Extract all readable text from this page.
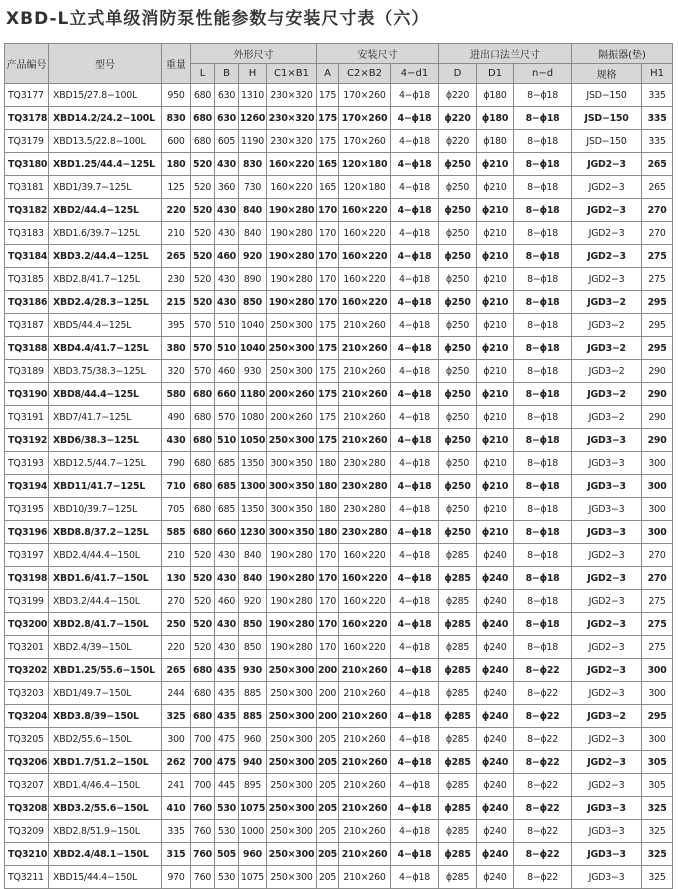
XBD-L立式单级消防泵性能参数与安装尺寸表（六）
产品编号	型号	重量	外形尺寸				安装尺寸			进出口法兰尺寸			隔振器(垫)	
			L	B	H	C1×B1	A	C2×B2	4−d1	D	D1	n−d	规格	H1
TQ3177	XBD15/27.8−100L	950	680	630	1310	230×320	175	170×260	4−ϕ18	ϕ220	ϕ180	8−ϕ18	JSD−150	335
TQ3178	XBD14.2/24.2−100L	830	680	630	1260	230×320	175	170×260	4−ϕ18	ϕ220	ϕ180	8−ϕ18	JSD−150	335
TQ3179	XBD13.5/22.8−100L	600	680	605	1190	230×320	175	170×260	4−ϕ18	ϕ220	ϕ180	8−ϕ18	JSD−150	335
TQ3180	XBD1.25/44.4−125L	180	520	430	830	160×220	165	120×180	4−ϕ18	ϕ250	ϕ210	8−ϕ18	JGD2−3	265
TQ3181	XBD1/39.7−125L	125	520	360	730	160×220	165	120×180	4−ϕ18	ϕ250	ϕ210	8−ϕ18	JGD2−3	265
TQ3182	XBD2/44.4−125L	220	520	430	840	190×280	170	160×220	4−ϕ18	ϕ250	ϕ210	8−ϕ18	JGD2−3	270
TQ3183	XBD1.6/39.7−125L	210	520	430	840	190×280	170	160×220	4−ϕ18	ϕ250	ϕ210	8−ϕ18	JGD2−3	270
TQ3184	XBD3.2/44.4−125L	265	520	460	920	190×280	170	160×220	4−ϕ18	ϕ250	ϕ210	8−ϕ18	JGD2−3	275
TQ3185	XBD2.8/41.7−125L	230	520	430	890	190×280	170	160×220	4−ϕ18	ϕ250	ϕ210	8−ϕ18	JGD2−3	275
TQ3186	XBD2.4/28.3−125L	215	520	430	850	190×280	170	160×220	4−ϕ18	ϕ250	ϕ210	8−ϕ18	JGD3−2	295
TQ3187	XBD5/44.4−125L	395	570	510	1040	250×300	175	210×260	4−ϕ18	ϕ250	ϕ210	8−ϕ18	JGD3−2	295
TQ3188	XBD4.4/41.7−125L	380	570	510	1040	250×300	175	210×260	4−ϕ18	ϕ250	ϕ210	8−ϕ18	JGD3−2	295
TQ3189	XBD3.75/38.3−125L	320	570	460	930	250×300	175	210×260	4−ϕ18	ϕ250	ϕ210	8−ϕ18	JGD3−2	290
TQ3190	XBD8/44.4−125L	580	680	660	1180	200×260	175	210×260	4−ϕ18	ϕ250	ϕ210	8−ϕ18	JGD3−2	290
TQ3191	XBD7/41.7−125L	490	680	570	1080	200×260	175	210×260	4−ϕ18	ϕ250	ϕ210	8−ϕ18	JGD3−2	290
TQ3192	XBD6/38.3−125L	430	680	510	1050	250×300	175	210×260	4−ϕ18	ϕ250	ϕ210	8−ϕ18	JGD3−3	290
TQ3193	XBD12.5/44.7−125L	790	680	685	1350	300×350	180	230×280	4−ϕ18	ϕ250	ϕ210	8−ϕ18	JGD3−3	300
TQ3194	XBD11/41.7−125L	710	680	685	1300	300×350	180	230×280	4−ϕ18	ϕ250	ϕ210	8−ϕ18	JGD3−3	300
TQ3195	XBD10/39.7−125L	705	680	685	1350	300×350	180	230×280	4−ϕ18	ϕ250	ϕ210	8−ϕ18	JGD3−3	300
TQ3196	XBD8.8/37.2−125L	585	680	660	1230	300×350	180	230×280	4−ϕ18	ϕ250	ϕ210	8−ϕ18	JGD3−3	300
TQ3197	XBD2.4/44.4−150L	210	520	430	840	190×280	170	160×220	4−ϕ18	ϕ285	ϕ240	8−ϕ18	JGD2−3	270
TQ3198	XBD1.6/41.7−150L	130	520	430	840	190×280	170	160×220	4−ϕ18	ϕ285	ϕ240	8−ϕ18	JGD2−3	270
TQ3199	XBD3.2/44.4−150L	270	520	460	920	190×280	170	160×220	4−ϕ18	ϕ285	ϕ240	8−ϕ18	JGD2−3	275
TQ3200	XBD2.8/41.7−150L	250	520	430	850	190×280	170	160×220	4−ϕ18	ϕ285	ϕ240	8−ϕ18	JGD2−3	275
TQ3201	XBD2.4/39−150L	220	520	430	850	190×280	170	160×220	4−ϕ18	ϕ285	ϕ240	8−ϕ18	JGD2−3	275
TQ3202	XBD1.25/55.6−150L	265	680	435	930	250×300	200	210×260	4−ϕ18	ϕ285	ϕ240	8−ϕ22	JGD2−3	300
TQ3203	XBD1/49.7−150L	244	680	435	885	250×300	200	210×260	4−ϕ18	ϕ285	ϕ240	8−ϕ22	JGD2−3	300
TQ3204	XBD3.8/39−150L	325	680	435	885	250×300	200	210×260	4−ϕ18	ϕ285	ϕ240	8−ϕ22	JGD3−2	295
TQ3205	XBD2/55.6−150L	300	700	475	960	250×300	205	210×260	4−ϕ18	ϕ285	ϕ240	8−ϕ22	JGD2−3	300
TQ3206	XBD1.7/51.2−150L	262	700	475	940	250×300	205	210×260	4−ϕ18	ϕ285	ϕ240	8−ϕ22	JGD2−3	305
TQ3207	XBD1.4/46.4−150L	241	700	445	895	250×300	205	210×260	4−ϕ18	ϕ285	ϕ240	8−ϕ22	JGD2−3	305
TQ3208	XBD3.2/55.6−150L	410	760	530	1075	250×300	205	210×260	4−ϕ18	ϕ285	ϕ240	8−ϕ22	JGD3−3	325
TQ3209	XBD2.8/51.9−150L	335	760	530	1000	250×300	205	210×260	4−ϕ18	ϕ285	ϕ240	8−ϕ22	JGD3−3	325
TQ3210	XBD2.4/48.1−150L	315	760	505	960	250×300	205	210×260	4−ϕ18	ϕ285	ϕ240	8−ϕ22	JGD3−3	325
TQ3211	XBD15/44.4−150L	970	760	530	1075	250×300	205	210×260	4−ϕ18	ϕ285	ϕ240	8−ϕ22	JGD3−3	325
